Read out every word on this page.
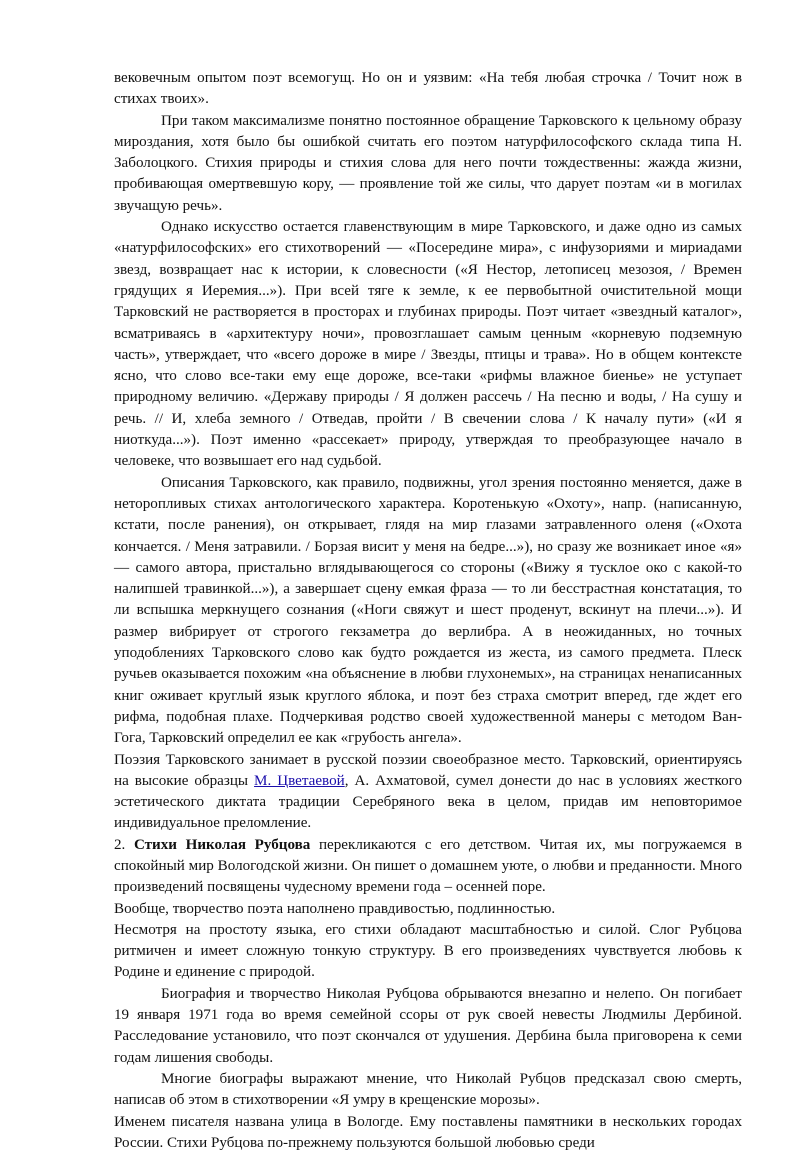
вековечным опытом поэт всемогущ. Но он и уязвим: «На тебя любая строчка / Точит нож в стихах твоих».

При таком максимализме понятно постоянное обращение Тарковского к цельному образу мироздания, хотя было бы ошибкой считать его поэтом натурфилософского склада типа Н. Заболоцкого. Стихия природы и стихия слова для него почти тождественны: жажда жизни, пробивающая омертвевшую кору, — проявление той же силы, что дарует поэтам «и в могилах звучащую речь».

Однако искусство остается главенствующим в мире Тарковского, и даже одно из самых «натурфилософских» его стихотворений — «Посередине мира», с инфузориями и мириадами звезд, возвращает нас к истории, к словесности («Я Нестор, летописец мезозоя, / Времен грядущих я Иеремия...»). При всей тяге к земле, к ее первобытной очистительной мощи Тарковский не растворяется в просторах и глубинах природы. Поэт читает «звездный каталог», всматриваясь в «архитектуру ночи», провозглашает самым ценным «корневую подземную часть», утверждает, что «всего дороже в мире / Звезды, птицы и трава». Но в общем контексте ясно, что слово все-таки ему еще дороже, все-таки «рифмы влажное биенье» не уступает природному величию. «Державу природы / Я должен рассечь / На песню и воды, / На сушу и речь. // И, хлеба земного / Отведав, пройти / В свечении слова / К началу пути» («И я ниоткуда...»). Поэт именно «рассекает» природу, утверждая то преобразующее начало в человеке, что возвышает его над судьбой.

Описания Тарковского, как правило, подвижны, угол зрения постоянно меняется, даже в неторопливых стихах антологического характера. Коротенькую «Охоту», напр. (написанную, кстати, после ранения), он открывает, глядя на мир глазами затравленного оленя («Охота кончается. / Меня затравили. / Борзая висит у меня на бедре...»), но сразу же возникает иное «я» — самого автора, пристально вглядывающегося со стороны («Вижу я тусклое око с какой-то налипшей травинкой...»), а завершает сцену емкая фраза — то ли бесстрастная констатация, то ли вспышка меркнущего сознания («Ноги свяжут и шест проденут, вскинут на плечи...»). И размер вибрирует от строгого гекзаметра до верлибра. А в неожиданных, но точных уподоблениях Тарковского слово как будто рождается из жеста, из самого предмета. Плеск ручьев оказывается похожим «на объяснение в любви глухонемых», на страницах ненаписанных книг оживает круглый язык круглого яблока, и поэт без страха смотрит вперед, где ждет его рифма, подобная плахе. Подчеркивая родство своей художественной манеры с методом Ван-Гога, Тарковский определил ее как «грубость ангела».

Поэзия Тарковского занимает в русской поэзии своеобразное место. Тарковский, ориентируясь на высокие образцы М. Цветаевой, А. Ахматовой, сумел донести до нас в условиях жесткого эстетического диктата традиции Серебряного века в целом, придав им неповторимое индивидуальное преломление.

2. Стихи Николая Рубцова перекликаются с его детством. Читая их, мы погружаемся в спокойный мир Вологодской жизни. Он пишет о домашнем уюте, о любви и преданности. Много произведений посвящены чудесному времени года – осенней поре.

Вообще, творчество поэта наполнено правдивостью, подлинностью.

Несмотря на простоту языка, его стихи обладают масштабностью и силой. Слог Рубцова ритмичен и имеет сложную тонкую структуру. В его произведениях чувствуется любовь к Родине и единение с природой.

Биография и творчество Николая Рубцова обрываются внезапно и нелепо. Он погибает 19 января 1971 года во время семейной ссоры от рук своей невесты Людмилы Дербиной. Расследование установило, что поэт скончался от удушения. Дербина была приговорена к семи годам лишения свободы.

Многие биографы выражают мнение, что Николай Рубцов предсказал свою смерть, написав об этом в стихотворении «Я умру в крещенские морозы».

Именем писателя названа улица в Вологде. Ему поставлены памятники в нескольких городах России. Стихи Рубцова по-прежнему пользуются большой любовью среди
